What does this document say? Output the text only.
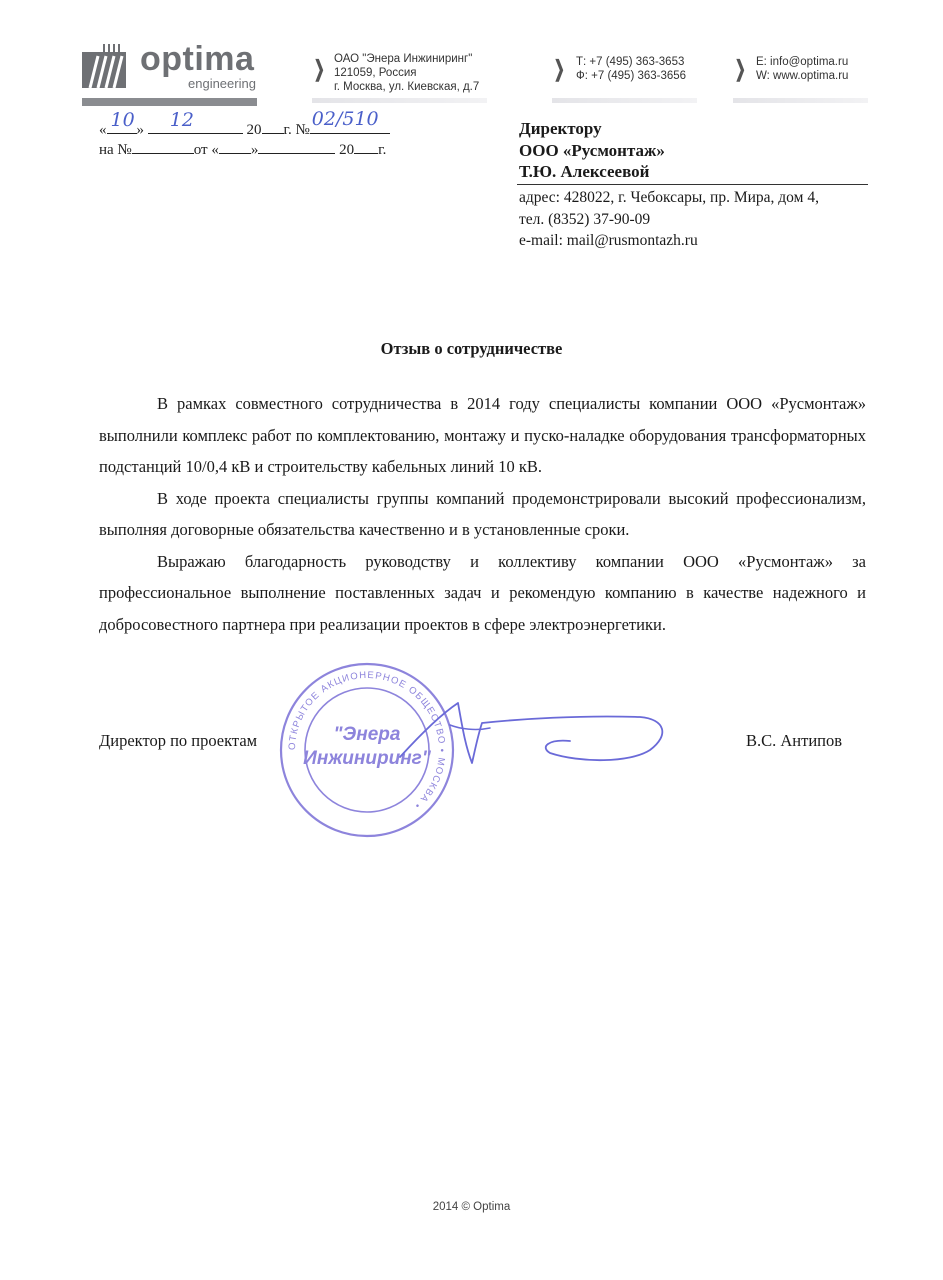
optima
engineering
❯ ОАО "Энера Инжиниринг"
121059, Россия
г. Москва, ул. Киевская, д.7
❯ Т: +7 (495) 363-3653
Ф: +7 (495) 363-3656 ❯ E: info@optima.ru
W: www.optima.ru
« 10 » 12	20 г. № 02/510
на №	от « »	20 г.
Директору
ООО «Русмонтаж»
Т.Ю. Алексеевой
адрес: 428022, г. Чебоксары, пр. Мира, дом 4,
тел. (8352) 37-90-09
e-mail: mail@rusmontazh.ru
Отзыв о сотрудничестве

В рамках совместного сотрудничества в 2014 году специалисты компании ООО «Русмонтаж» выполнили комплекс работ по комплектованию, монтажу и пуско-наладке оборудования трансформаторных подстанций 10/0,4 кВ и строительству кабельных линий 10 кВ.

В ходе проекта специалисты группы компаний продемонстрировали высокий профессионализм, выполняя договорные обязательства качественно и в установленные сроки.

Выражаю благодарность руководству и коллективу компании ООО «Русмонтаж» за профессиональное выполнение поставленных задач и рекомендую компанию в качестве надежного и добросовестного партнера при реализации проектов в сфере электроэнергетики.

Директор по проектам	В.С. Антипов
ОТКРЫТОЕ АКЦИОНЕРНОЕ ОБЩЕСТВО • МОСКВА •
"Энера
Инжиниринг"
2014 © Optima
